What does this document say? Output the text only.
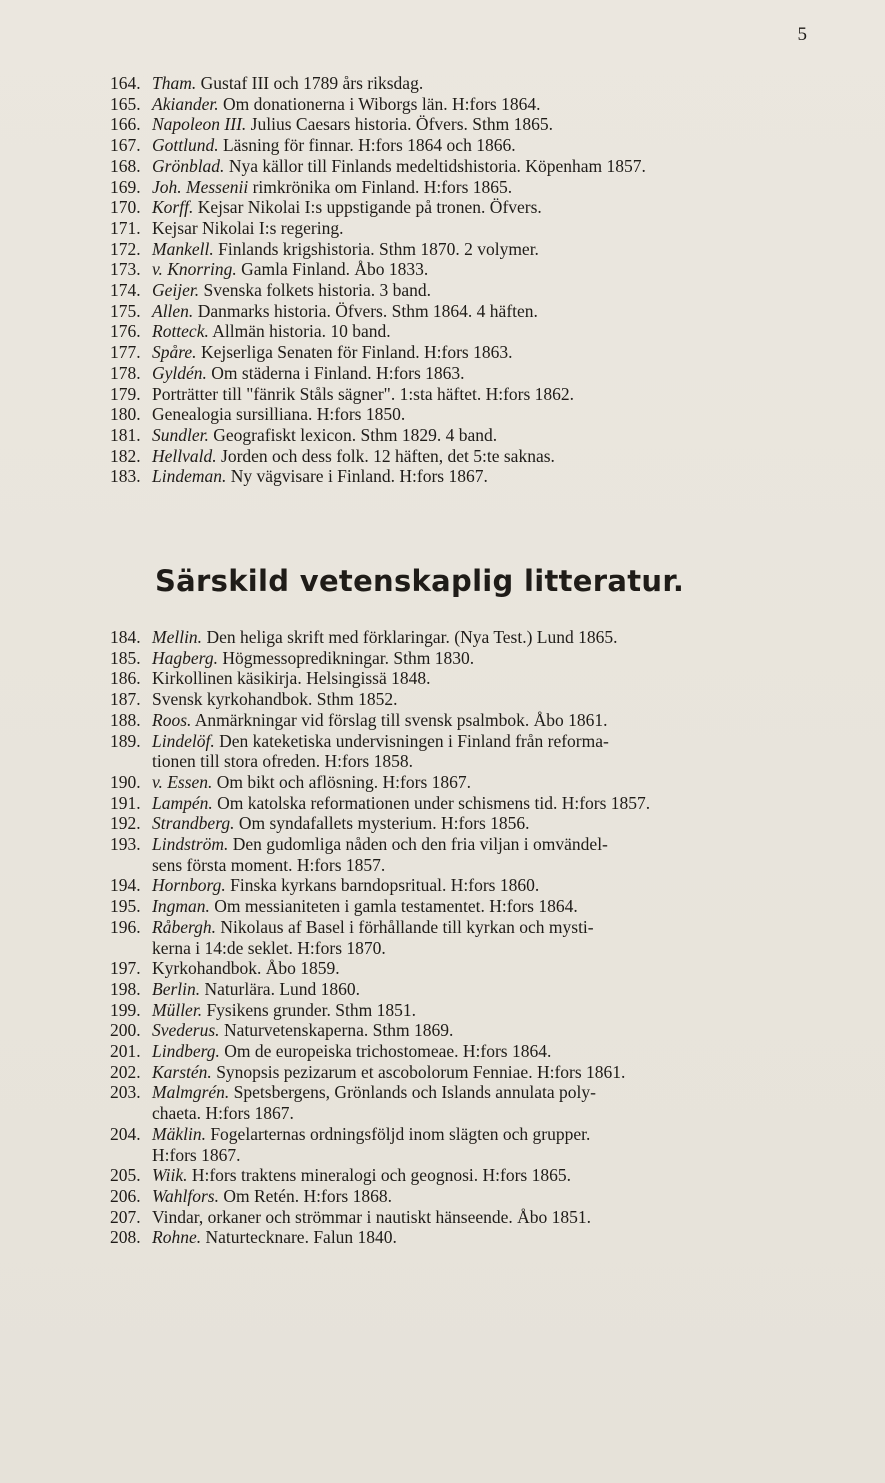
5
164. Tham. Gustaf III och 1789 års riksdag.
165. Akiander. Om donationerna i Wiborgs län. H:fors 1864.
166. Napoleon III. Julius Caesars historia. Öfvers. Sthm 1865.
167. Gottlund. Läsning för finnar. H:fors 1864 och 1866.
168. Grönblad. Nya källor till Finlands medeltidshistoria. Köpenham 1857.
169. Joh. Messenii rimkrönika om Finland. H:fors 1865.
170. Korff. Kejsar Nikolai I:s uppstigande på tronen. Öfvers.
171. Kejsar Nikolai I:s regering.
172. Mankell. Finlands krigshistoria. Sthm 1870. 2 volymer.
173. v. Knorring. Gamla Finland. Åbo 1833.
174. Geijer. Svenska folkets historia. 3 band.
175. Allen. Danmarks historia. Öfvers. Sthm 1864. 4 häften.
176. Rotteck. Allmän historia. 10 band.
177. Spåre. Kejserliga Senaten för Finland. H:fors 1863.
178. Gyldén. Om städerna i Finland. H:fors 1863.
179. Porträtter till "fänrik Ståls sägner". 1:sta häftet. H:fors 1862.
180. Genealogia sursilliana. H:fors 1850.
181. Sundler. Geografiskt lexicon. Sthm 1829. 4 band.
182. Hellvald. Jorden och dess folk. 12 häften, det 5:te saknas.
183. Lindeman. Ny vägvisare i Finland. H:fors 1867.
Särskild vetenskaplig litteratur.
184. Mellin. Den heliga skrift med förklaringar. (Nya Test.) Lund 1865.
185. Hagberg. Högmessopredikningar. Sthm 1830.
186. Kirkollinen käsikirja. Helsingissä 1848.
187. Svensk kyrkohandbok. Sthm 1852.
188. Roos. Anmärkningar vid förslag till svensk psalmbok. Åbo 1861.
189. Lindelöf. Den kateketiska undervisningen i Finland från reforma-
tionen till stora ofreden. H:fors 1858.
190. v. Essen. Om bikt och aflösning. H:fors 1867.
191. Lampén. Om katolska reformationen under schismens tid. H:fors 1857.
192. Strandberg. Om syndafallets mysterium. H:fors 1856.
193. Lindström. Den gudomliga nåden och den fria viljan i omvändel-
sens första moment. H:fors 1857.
194. Hornborg. Finska kyrkans barndopsritual. H:fors 1860.
195. Ingman. Om messianiteten i gamla testamentet. H:fors 1864.
196. Råbergh. Nikolaus af Basel i förhållande till kyrkan och mysti-
kerna i 14:de seklet. H:fors 1870.
197. Kyrkohandbok. Åbo 1859.
198. Berlin. Naturlära. Lund 1860.
199. Müller. Fysikens grunder. Sthm 1851.
200. Svederus. Naturvetenskaperna. Sthm 1869.
201. Lindberg. Om de europeiska trichostomeae. H:fors 1864.
202. Karstén. Synopsis pezizarum et ascobolorum Fenniae. H:fors 1861.
203. Malmgrén. Spetsbergens, Grönlands och Islands annulata poly-
chaeta. H:fors 1867.
204. Mäklin. Fogelarternas ordningsföljd inom slägten och grupper.
H:fors 1867.
205. Wiik. H:fors traktens mineralogi och geognosi. H:fors 1865.
206. Wahlfors. Om Retén. H:fors 1868.
207. Vindar, orkaner och strömmar i nautiskt hänseende. Åbo 1851.
208. Rohne. Naturtecknare. Falun 1840.
